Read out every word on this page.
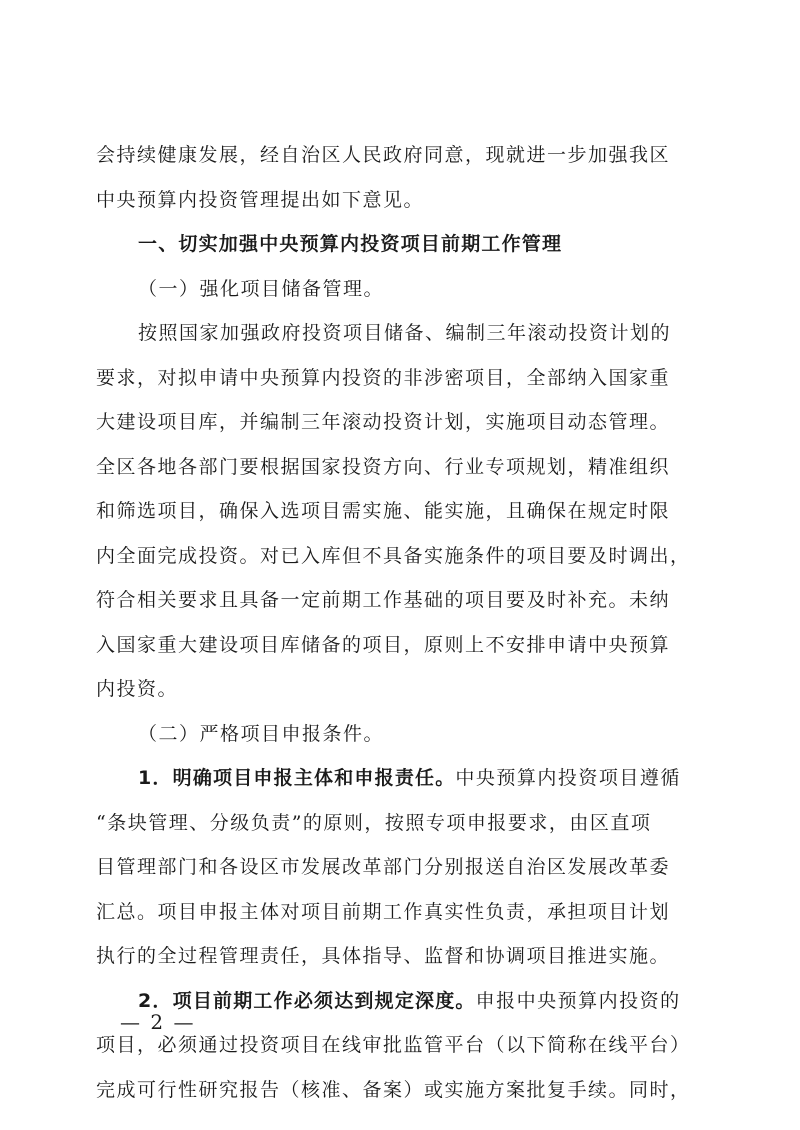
会持续健康发展，经自治区人民政府同意，现就进一步加强我区
中央预算内投资管理提出如下意见。
一、切实加强中央预算内投资项目前期工作管理
（一）强化项目储备管理。
按照国家加强政府投资项目储备、编制三年滚动投资计划的
要求，对拟申请中央预算内投资的非涉密项目，全部纳入国家重
大建设项目库，并编制三年滚动投资计划，实施项目动态管理。
全区各地各部门要根据国家投资方向、行业专项规划，精准组织
和筛选项目，确保入选项目需实施、能实施，且确保在规定时限
内全面完成投资。对已入库但不具备实施条件的项目要及时调出，
符合相关要求且具备一定前期工作基础的项目要及时补充。未纳
入国家重大建设项目库储备的项目，原则上不安排申请中央预算
内投资。
（二）严格项目申报条件。
1．明确项目申报主体和申报责任。中央预算内投资项目遵循
“条块管理、分级负责”的原则，按照专项申报要求，由区直项
目管理部门和各设区市发展改革部门分别报送自治区发展改革委
汇总。项目申报主体对项目前期工作真实性负责，承担项目计划
执行的全过程管理责任，具体指导、监督和协调项目推进实施。
2．项目前期工作必须达到规定深度。申报中央预算内投资的
项目，必须通过投资项目在线审批监管平台（以下简称在线平台）
完成可行性研究报告（核准、备案）或实施方案批复手续。同时，
— 2 —
